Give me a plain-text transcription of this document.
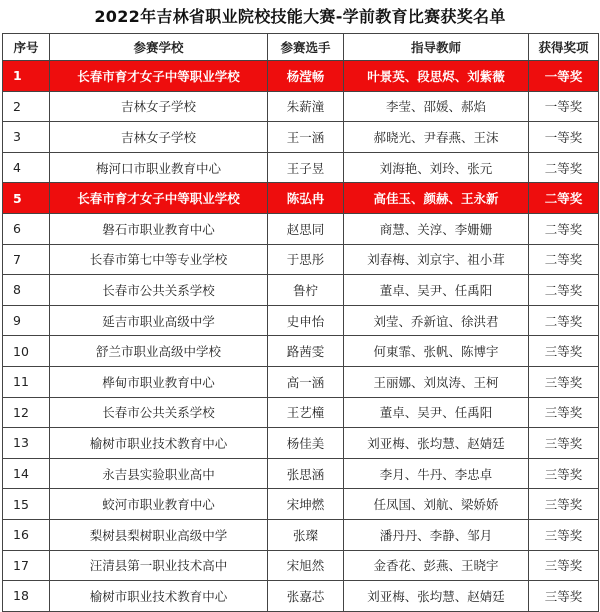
2022年吉林省职业院校技能大赛-学前教育比赛获奖名单
序号	参赛学校	参赛选手	指导教师	获得奖项
1	长春市育才女子中等职业学校	杨滢畅	叶景英、段思烬、刘紫薇	一等奖
2	吉林女子学校	朱薪潼	李莹、邵媛、郝焰	一等奖
3	吉林女子学校	王一涵	郝晓光、尹春燕、王沫	一等奖
4	梅河口市职业教育中心	王子昱	刘海艳、刘玲、张元	二等奖
5	长春市育才女子中等职业学校	陈弘冉	高佳玉、颜赫、王永新	二等奖
6	磐石市职业教育中心	赵思同	商慧、关淳、李姗姗	二等奖
7	长春市第七中等专业学校	于思彤	刘春梅、刘京宇、祖小茸	二等奖
8	长春市公共关系学校	鲁柠	董卓、吴尹、任禹阳	二等奖
9	延吉市职业高级中学	史申怡	刘莹、乔新谊、徐洪君	二等奖
10	舒兰市职业高级中学校	路茜雯	何東霏、张帆、陈博宇	三等奖
11	桦甸市职业教育中心	高一涵	王丽娜、刘岚涛、王柯	三等奖
12	长春市公共关系学校	王艺橦	董卓、吴尹、任禹阳	三等奖
13	榆树市职业技术教育中心	杨佳美	刘亚梅、张均慧、赵婧廷	三等奖
14	永吉县实验职业高中	张思涵	李月、牛丹、李忠卓	三等奖
15	蛟河市职业教育中心	宋坤燃	任凤国、刘航、梁娇娇	三等奖
16	梨树县梨树职业高级中学	张璨	潘丹丹、李静、邹月	三等奖
17	汪清县第一职业技术高中	宋旭然	金香花、彭燕、王晓宇	三等奖
18	榆树市职业技术教育中心	张嘉芯	刘亚梅、张均慧、赵婧廷	三等奖
